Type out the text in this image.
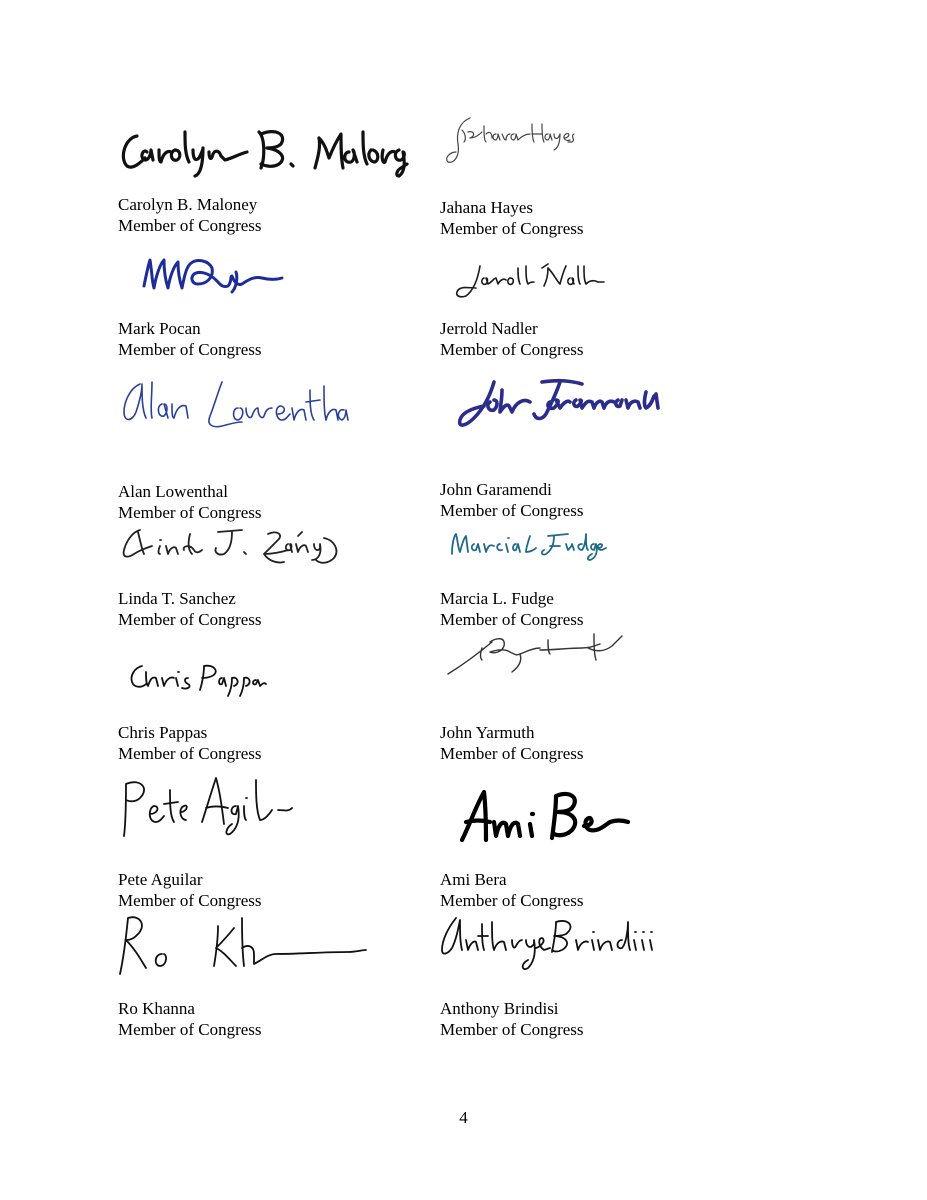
Carolyn B. Maloney
Member of Congress
Jahana Hayes
Member of Congress
Mark Pocan
Member of Congress
Jerrold Nadler
Member of Congress
Alan Lowenthal
Member of Congress
John Garamendi
Member of Congress
Linda T. Sanchez
Member of Congress
Marcia L. Fudge
Member of Congress
Chris Pappas
Member of Congress
John Yarmuth
Member of Congress
Pete Aguilar
Member of Congress
Ami Bera
Member of Congress
Ro Khanna
Member of Congress
Anthony Brindisi
Member of Congress
4
